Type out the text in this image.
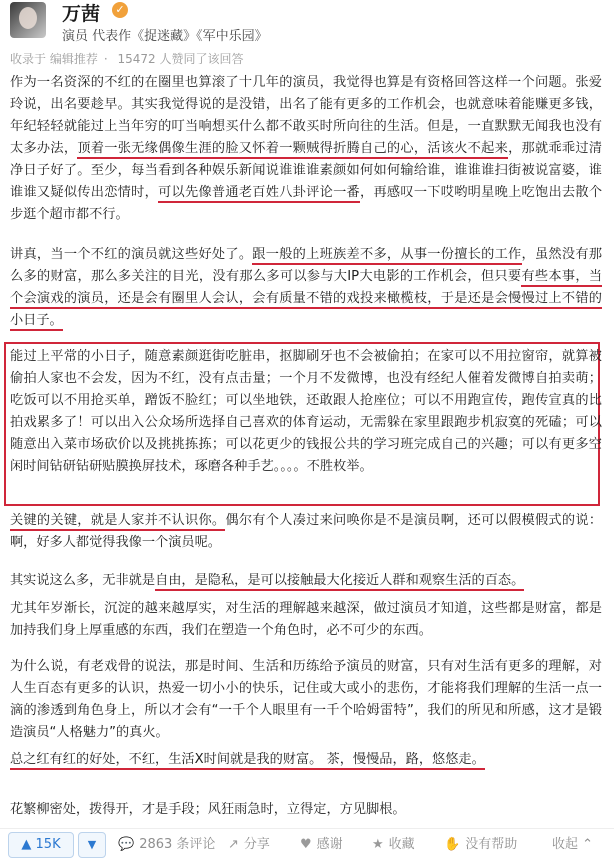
万茜	✓
演员 代表作《捉迷藏》《军中乐园》
收录于 编辑推荐 · 15472 人赞同了该回答

作为一名资深的不红的在圈里也算滚了十几年的演员，我觉得也算是有资格回答这样一个问题。张爱玲说，出名要趁早。其实我觉得说的是没错，出名了能有更多的工作机会，也就意味着能赚更多钱，年纪轻轻就能过上当年穷的叮当响想买什么都不敢买时所向往的生活。但是，一直默默无闻我也没有太多办法，顶着一张无缘偶像生涯的脸又怀着一颗贼得折腾自己的心，活该火不起来，那就乖乖过清净日子好了。至少，每当看到各种娱乐新闻说谁谁谁素颜如何如何输给谁，谁谁谁扫街被说富婆，谁谁谁又疑似传出恋情时，可以先像普通老百姓八卦评论一番，再感叹一下哎哟明星晚上吃饱出去散个步逛个超市都不行。

讲真，当一个不红的演员就这些好处了。跟一般的上班族差不多，从事一份擅长的工作，虽然没有那么多的财富，那么多关注的目光，没有那么多可以参与大IP大电影的工作机会，但只要有些本事，当个会演戏的演员，还是会有圈里人会认，会有质量不错的戏投来橄榄枝，于是还是会慢慢过上不错的小日子。

能过上平常的小日子，随意素颜逛街吃脏串，抠脚刷牙也不会被偷拍；在家可以不用拉窗帘，就算被偷拍人家也不会发，因为不红，没有点击量；一个月不发微博，也没有经纪人催着发微博自拍卖萌；吃饭可以不用抢买单，蹭饭不脸红；可以坐地铁，还敢跟人抢座位；可以不用跑宣传，跑传宣真的比拍戏累多了！可以出入公众场所选择自己喜欢的体育运动，无需躲在家里跟跑步机寂寞的死磕；可以随意出入菜市场砍价以及挑挑拣拣；可以花更少的钱报公共的学习班完成自己的兴趣；可以有更多空闲时间钻研钻研贴膜换屏技术，琢磨各种手艺。。。。不胜枚举。

关键的关键，就是人家并不认识你。偶尔有个人凑过来问唤你是不是演员啊，还可以假模假式的说：啊，好多人都觉得我像一个演员呢。

其实说这么多，无非就是自由，是隐私，是可以接触最大化接近人群和观察生活的百态。

尤其年岁渐长，沉淀的越来越厚实，对生活的理解越来越深，做过演员才知道，这些都是财富，都是加持我们身上厚重感的东西，我们在塑造一个角色时，必不可少的东西。

为什么说，有老戏骨的说法，那是时间、生活和历练给予演员的财富，只有对生活有更多的理解，对人生百态有更多的认识，热爱一切小小的快乐，记住或大或小的悲伤，才能将我们理解的生活一点一滴的渗透到角色身上，所以才会有“一千个人眼里有一千个哈姆雷特”，我们的所见和所感，这才是锻造演员“人格魅力”的真火。

总之红有红的好处，不红，生活X时间就是我的财富。 茶，慢慢品，路，悠悠走。

花繁柳密处，拨得开，才是手段；风狂雨急时，立得定，方见脚根。

▲ 15K	▼	💬 2863 条评论 ↗ 分享 ♥ 感谢 ★ 收藏 ✋ 没有帮助	收起 ⌃
